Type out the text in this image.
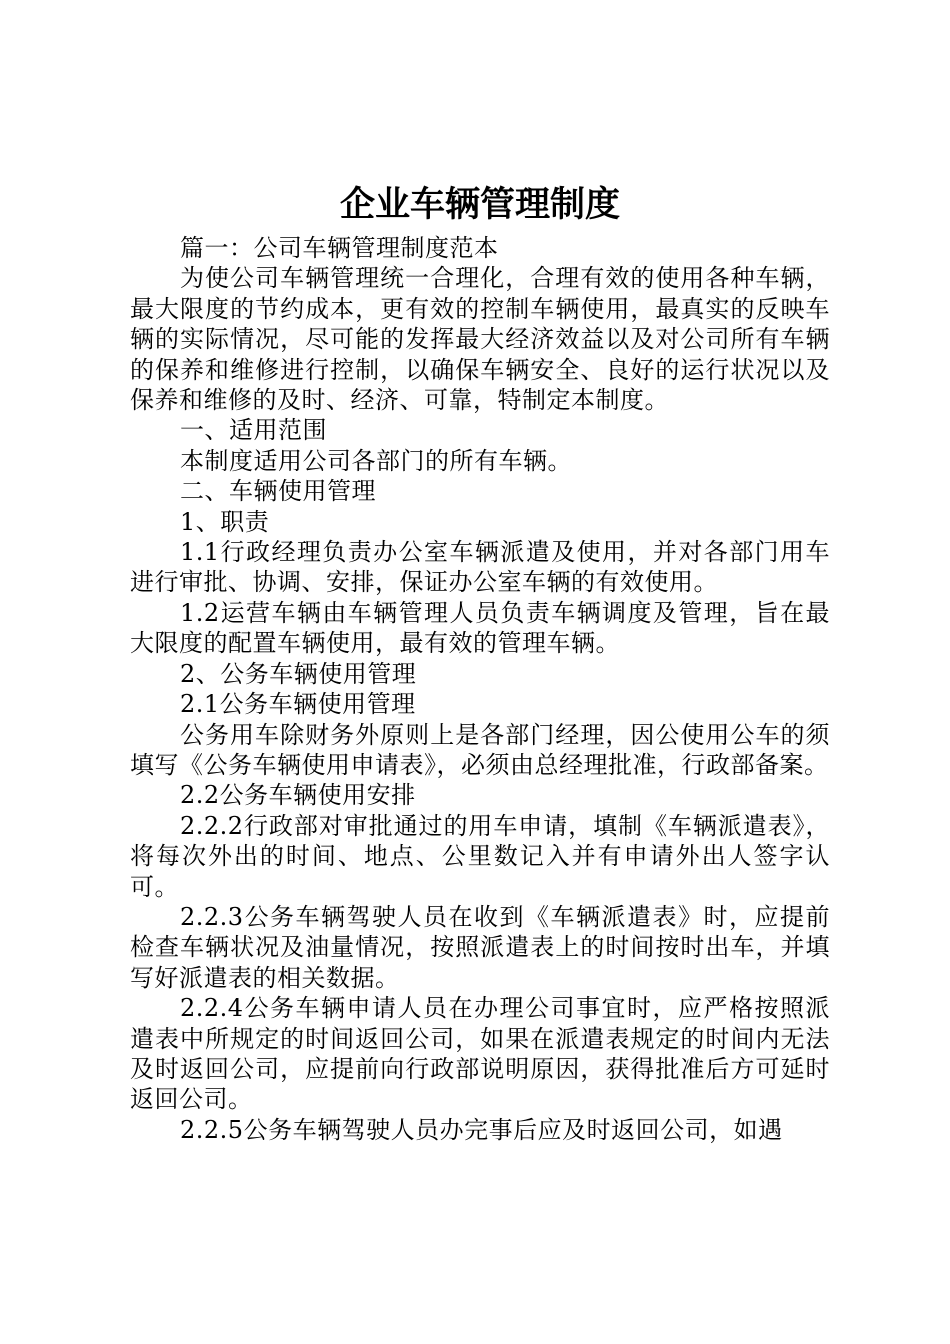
企业车辆管理制度

篇一：公司车辆管理制度范本

为使公司车辆管理统一合理化，合理有效的使用各种车辆，最大限度的节约成本，更有效的控制车辆使用，最真实的反映车辆的实际情况，尽可能的发挥最大经济效益以及对公司所有车辆的保养和维修进行控制，以确保车辆安全、良好的运行状况以及保养和维修的及时、经济、可靠，特制定本制度。

一、适用范围

本制度适用公司各部门的所有车辆。

二、车辆使用管理

1、职责

1.1行政经理负责办公室车辆派遣及使用，并对各部门用车进行审批、协调、安排，保证办公室车辆的有效使用。

1.2运营车辆由车辆管理人员负责车辆调度及管理，旨在最大限度的配置车辆使用，最有效的管理车辆。

2、公务车辆使用管理

2.1公务车辆使用管理

公务用车除财务外原则上是各部门经理，因公使用公车的须填写《公务车辆使用申请表》，必须由总经理批准，行政部备案。

2.2公务车辆使用安排

2.2.2行政部对审批通过的用车申请，填制《车辆派遣表》，将每次外出的时间、地点、公里数记入并有申请外出人签字认可。

2.2.3公务车辆驾驶人员在收到《车辆派遣表》时，应提前检查车辆状况及油量情况，按照派遣表上的时间按时出车，并填写好派遣表的相关数据。

2.2.4公务车辆申请人员在办理公司事宜时，应严格按照派遣表中所规定的时间返回公司，如果在派遣表规定的时间内无法及时返回公司，应提前向行政部说明原因，获得批准后方可延时返回公司。

2.2.5公务车辆驾驶人员办完事后应及时返回公司，如遇
